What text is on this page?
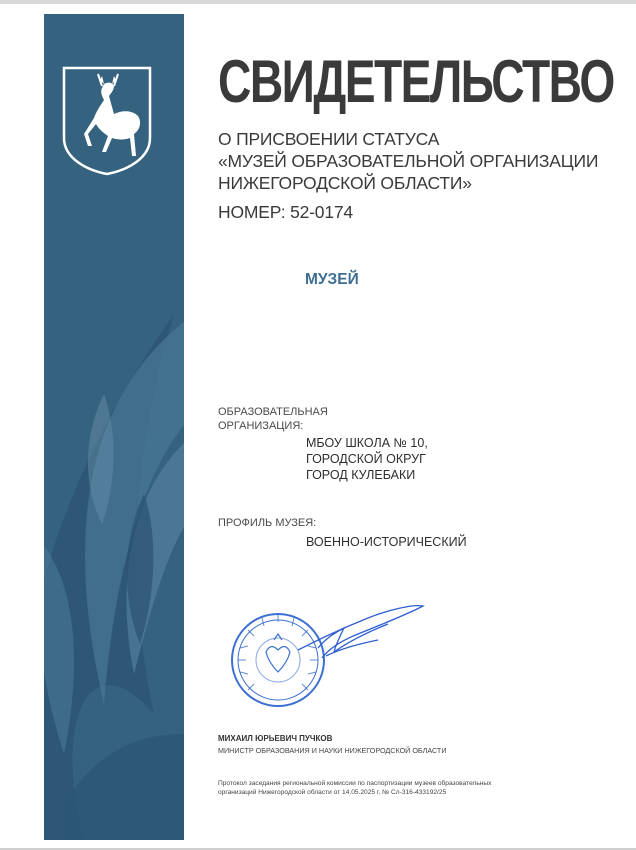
СВИДЕТЕЛЬСТВО
О ПРИСВОЕНИИ СТАТУСА
«МУЗЕЙ ОБРАЗОВАТЕЛЬНОЙ ОРГАНИЗАЦИИ
НИЖЕГОРОДСКОЙ ОБЛАСТИ»
НОМЕР: 52-0174
МУЗЕЙ
ОБРАЗОВАТЕЛЬНАЯ
ОРГАНИЗАЦИЯ:
МБОУ ШКОЛА № 10,
ГОРОДСКОЙ ОКРУГ
ГОРОД КУЛЕБАКИ
ПРОФИЛЬ МУЗЕЯ:
ВОЕННО-ИСТОРИЧЕСКИЙ
МИХАИЛ ЮРЬЕВИЧ ПУЧКОВ
МИНИСТР ОБРАЗОВАНИЯ И НАУКИ НИЖЕГОРОДСКОЙ ОБЛАСТИ
Протокол заседания региональной комиссии по паспортизации музеев образовательных
организаций Нижегородской области от 14.05.2025 г. № Сл-316-433192/25
